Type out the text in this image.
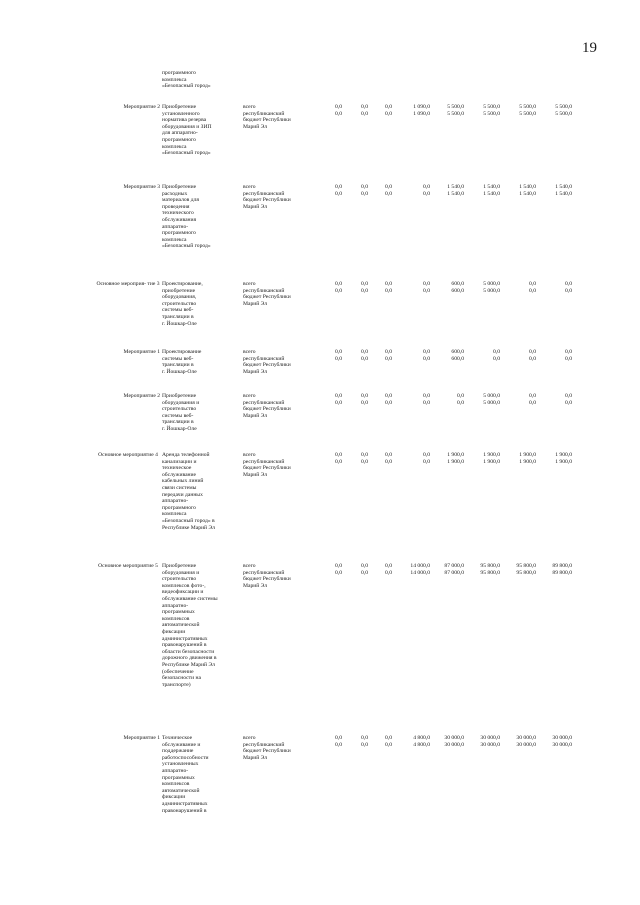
19
программного
комплекса
«Безопасный город»
Мероприятие 2 Приобретение
установленного
норматива резерва
оборудования и ЗИП
для аппаратно-
программного
комплекса
«Безопасный город»
всего
республиканский
бюджет Республики
Марий Эл
0,0
0,0
0,0
0,0
0,0
0,0
1 090,0
1 090,0
5 500,0
5 500,0
5 500,0
5 500,0
5 500,0
5 500,0
5 500,0
5 500,0
Мероприятие 3 Приобретение
расходных
материалов для
проведения
технического
обслуживания
аппаратно-
программного
комплекса
«Безопасный город»
всего
республиканский
бюджет Республики
Марий Эл
0,0
0,0
0,0
0,0
0,0
0,0
0,0
0,0
1 540,0
1 540,0
1 540,0
1 540,0
1 540,0
1 540,0
1 540,0
1 540,0
Основное мероприя- тие 3 Проектирование,
приобретение
оборудования,
строительство
системы веб-
трансляции в
г. Йошкар-Оле
всего
республиканский
бюджет Республики
Марий Эл
0,0
0,0
0,0
0,0
0,0
0,0
0,0
0,0
600,0
600,0
5 000,0
5 000,0
0,0
0,0
0,0
0,0
Мероприятие 1 Проектирование
системы веб-
трансляции в
г. Йошкар-Оле
всего
республиканский
бюджет Республики
Марий Эл
0,0
0,0
0,0
0,0
0,0
0,0
0,0
0,0
600,0
600,0
0,0
0,0
0,0
0,0
0,0
0,0
Мероприятие 2 Приобретение
оборудования и
строительство
системы веб-
трансляции в
г. Йошкар-Оле
всего
республиканский
бюджет Республики
Марий Эл
0,0
0,0
0,0
0,0
0,0
0,0
0,0
0,0
0,0
0,0
5 000,0
5 000,0
0,0
0,0
0,0
0,0
Основное мероприятие 4 Аренда телефонной
канализации и
техническое
обслуживание
кабельных линий
связи системы
передачи данных
аппаратно-
программного
комплекса
«Безопасный город» в
Республике Марий Эл
всего
республиканский
бюджет Республики
Марий Эл
0,0
0,0
0,0
0,0
0,0
0,0
0,0
0,0
1 900,0
1 900,0
1 900,0
1 900,0
1 900,0
1 900,0
1 900,0
1 900,0
Основное мероприятие 5 Приобретение
оборудования и
строительство
комплексов фото-,
видеофиксации и
обслуживание системы
аппаратно-
программных
комплексов
автоматической
фиксации
административных
правонарушений в
области безопасности
дорожного движения в
Республике Марий Эл
(обеспечение
безопасности на
транспорте)
всего
республиканский
бюджет Республики
Марий Эл
0,0
0,0
0,0
0,0
0,0
0,0
14 000,0
14 000,0
87 000,0
87 000,0
95 800,0
95 800,0
95 800,0
95 800,0
89 800,0
89 800,0
Мероприятие 1 Техническое
обслуживание и
поддержание
работоспособности
установленных
аппаратно-
программных
комплексов
автоматической
фиксации
административных
правонарушений в
всего
республиканский
бюджет Республики
Марий Эл
0,0
0,0
0,0
0,0
0,0
0,0
4 800,0
4 800,0
30 000,0
30 000,0
30 000,0
30 000,0
30 000,0
30 000,0
30 000,0
30 000,0
